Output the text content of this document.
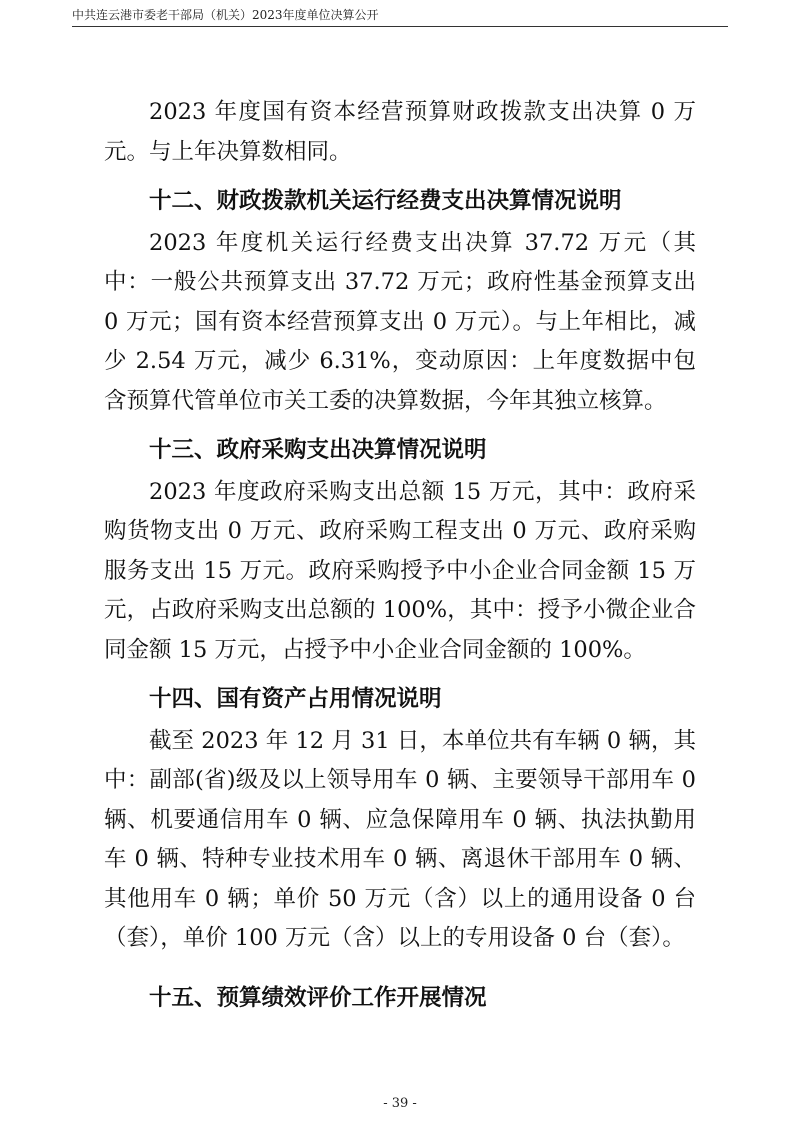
中共连云港市委老干部局（机关）2023年度单位决算公开

2023 年度国有资本经营预算财政拨款支出决算 0 万元。与上年决算数相同。

十二、财政拨款机关运行经费支出决算情况说明

2023 年度机关运行经费支出决算 37.72 万元（其中：一般公共预算支出 37.72 万元；政府性基金预算支出 0 万元；国有资本经营预算支出 0 万元）。与上年相比，减少 2.54 万元，减少 6.31%，变动原因：上年度数据中包含预算代管单位市关工委的决算数据，今年其独立核算。

十三、政府采购支出决算情况说明

2023 年度政府采购支出总额 15 万元，其中：政府采购货物支出 0 万元、政府采购工程支出 0 万元、政府采购服务支出 15 万元。政府采购授予中小企业合同金额 15 万元，占政府采购支出总额的 100%，其中：授予小微企业合同金额 15 万元，占授予中小企业合同金额的 100%。

十四、国有资产占用情况说明

截至 2023 年 12 月 31 日，本单位共有车辆 0 辆，其中：副部(省)级及以上领导用车 0 辆、主要领导干部用车 0 辆、机要通信用车 0 辆、应急保障用车 0 辆、执法执勤用车 0 辆、特种专业技术用车 0 辆、离退休干部用车 0 辆、其他用车 0 辆；单价 50 万元（含）以上的通用设备 0 台（套），单价 100 万元（含）以上的专用设备 0 台（套）。

十五、预算绩效评价工作开展情况

- 39 -
